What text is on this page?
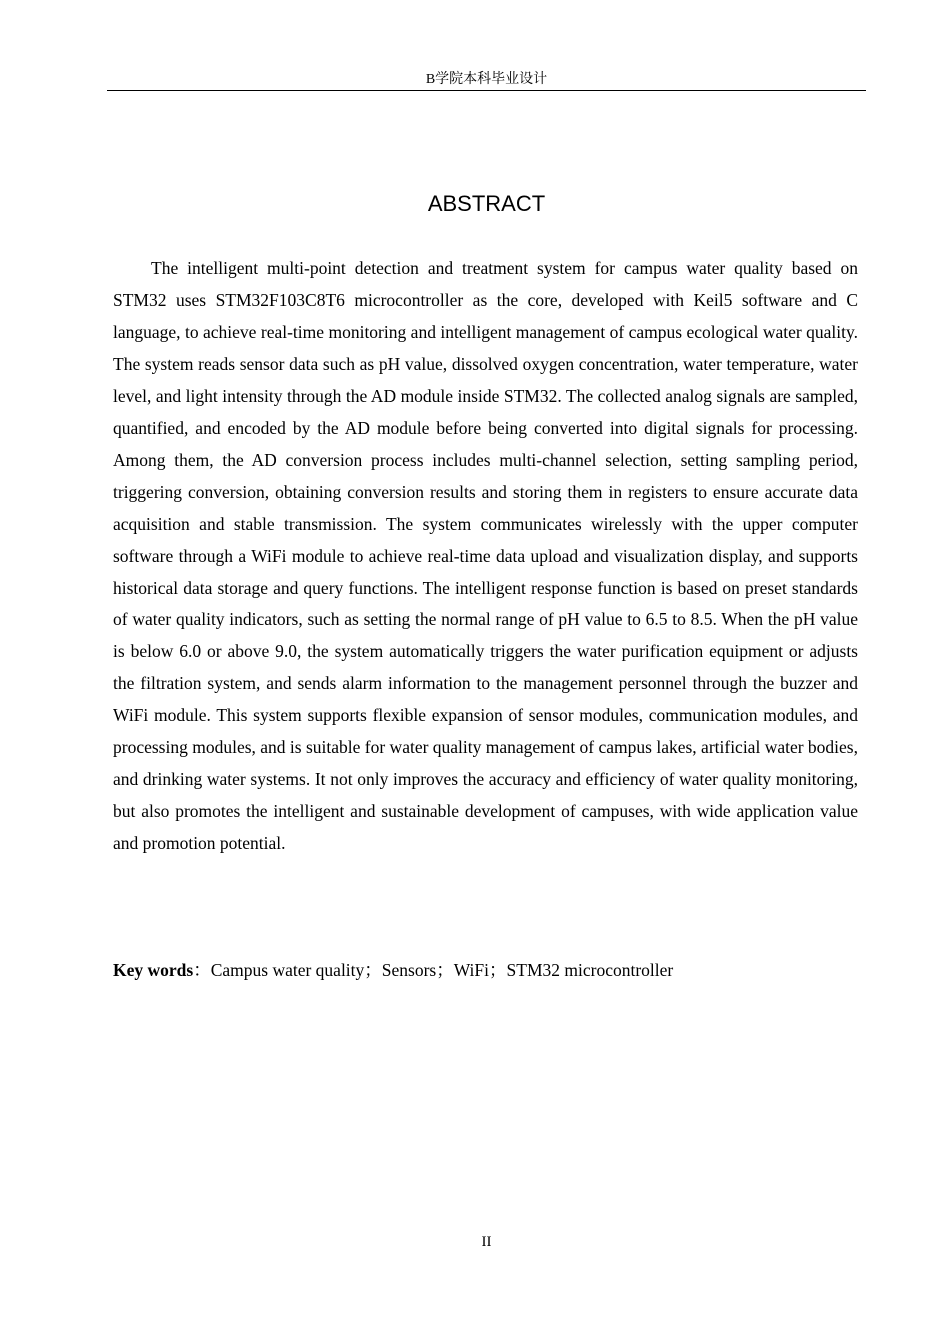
B学院本科毕业设计
ABSTRACT

The intelligent multi-point detection and treatment system for campus water quality based on STM32 uses STM32F103C8T6 microcontroller as the core, developed with Keil5 software and C language, to achieve real-time monitoring and intelligent management of campus ecological water quality. The system reads sensor data such as pH value, dissolved oxygen concentration, water temperature, water level, and light intensity through the AD module inside STM32. The collected analog signals are sampled, quantified, and encoded by the AD module before being converted into digital signals for processing. Among them, the AD conversion process includes multi-channel selection, setting sampling period, triggering conversion, obtaining conversion results and storing them in registers to ensure accurate data acquisition and stable transmission. The system communicates wirelessly with the upper computer software through a WiFi module to achieve real-time data upload and visualization display, and supports historical data storage and query functions. The intelligent response function is based on preset standards of water quality indicators, such as setting the normal range of pH value to 6.5 to 8.5. When the pH value is below 6.0 or above 9.0, the system automatically triggers the water purification equipment or adjusts the filtration system, and sends alarm information to the management personnel through the buzzer and WiFi module. This system supports flexible expansion of sensor modules, communication modules, and processing modules, and is suitable for water quality management of campus lakes, artificial water bodies, and drinking water systems. It not only improves the accuracy and efficiency of water quality monitoring, but also promotes the intelligent and sustainable development of campuses, with wide application value and promotion potential.

Key words：Campus water quality；Sensors；WiFi；STM32 microcontroller
II
